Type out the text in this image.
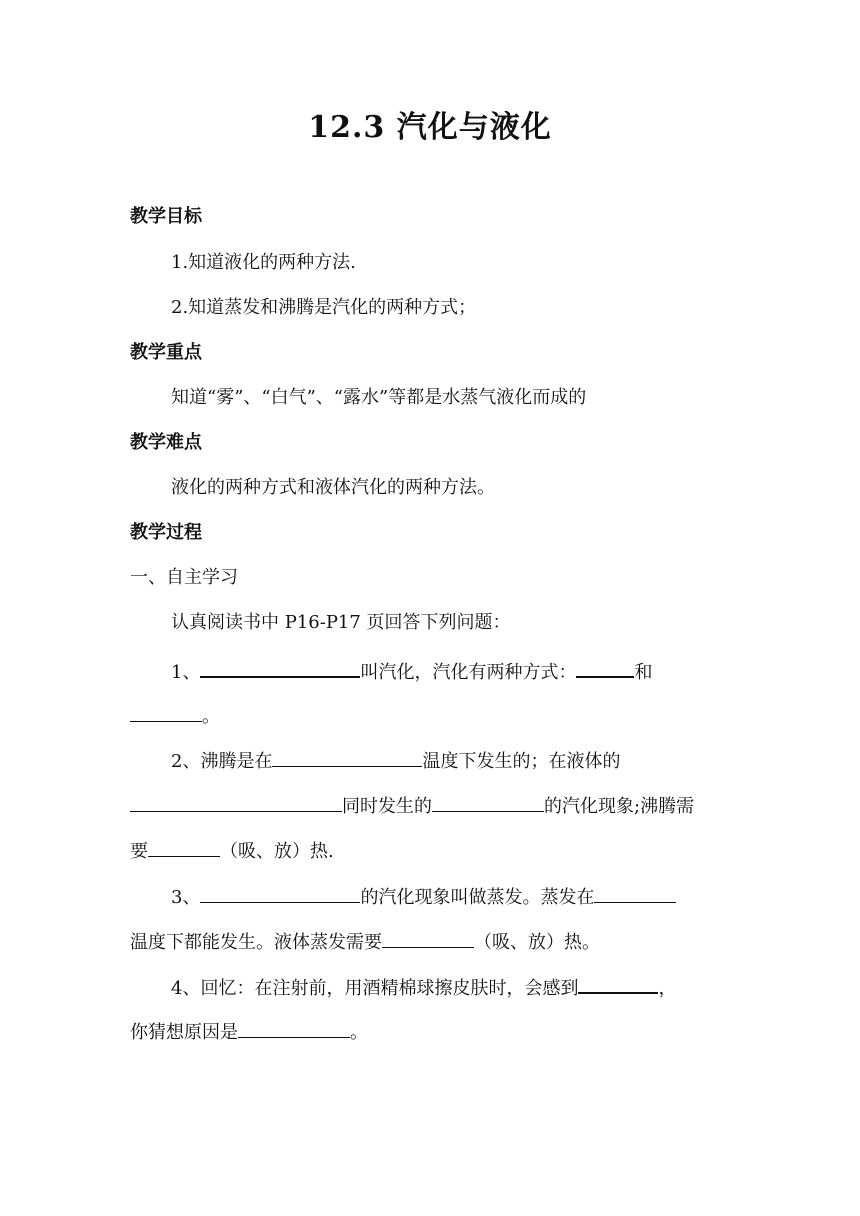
12.3 汽化与液化
教学目标
1.知道液化的两种方法.
2.知道蒸发和沸腾是汽化的两种方式；
教学重点
知道“雾”、“白气”、“露水”等都是水蒸气液化而成的
教学难点
液化的两种方式和液体汽化的两种方法。
教学过程
一、自主学习
认真阅读书中 P16-P17 页回答下列问题：
1、	叫汽化，汽化有两种方式：	和
。
2、沸腾是在	温度下发生的；在液体的
同时发生的	的汽化现象;沸腾需
要	（吸、放）热.
3、	的汽化现象叫做蒸发。蒸发在
温度下都能发生。液体蒸发需要	（吸、放）热。
4、回忆：在注射前，用酒精棉球擦皮肤时，会感到	，
你猜想原因是	。
